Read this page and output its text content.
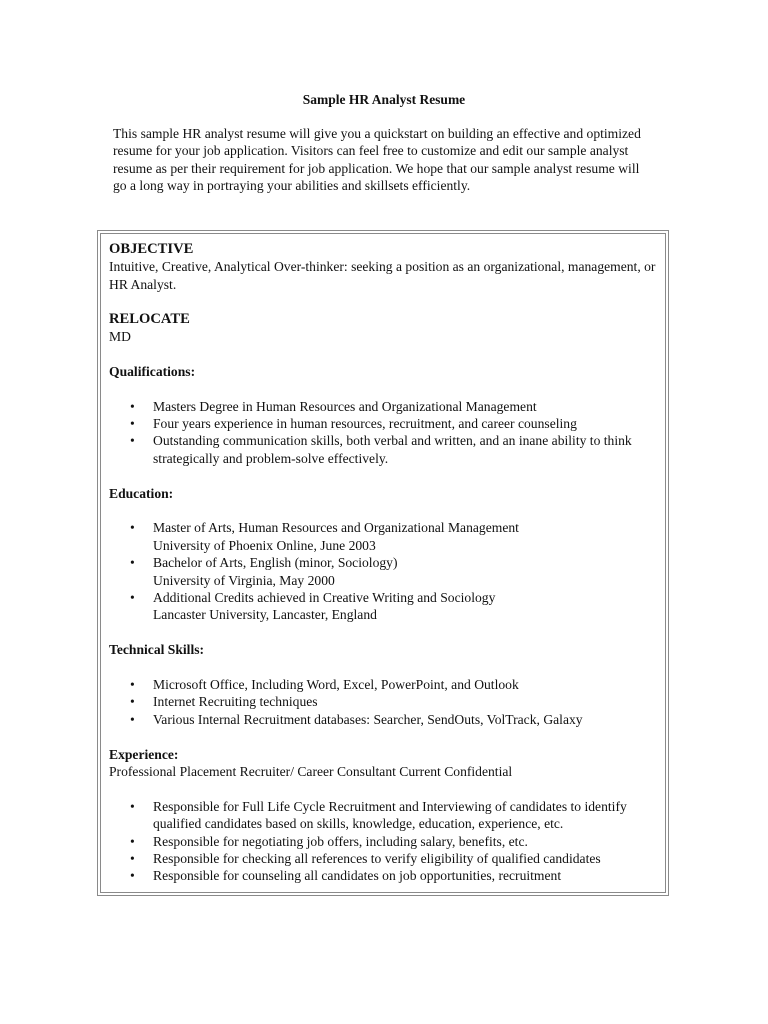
Sample HR Analyst Resume
This sample HR analyst resume will give you a quickstart on building an effective and optimized resume for your job application. Visitors can feel free to customize and edit our sample analyst resume as per their requirement for job application. We hope that our sample analyst resume will go a long way in portraying your abilities and skillsets efficiently.
OBJECTIVE
Intuitive, Creative, Analytical Over-thinker: seeking a position as an organizational, management, or HR Analyst.
RELOCATE
MD
Qualifications:
• Masters Degree in Human Resources and Organizational Management
• Four years experience in human resources, recruitment, and career counseling
• Outstanding communication skills, both verbal and written, and an inane ability to think strategically and problem-solve effectively.
Education:
• Master of Arts, Human Resources and Organizational Management
University of Phoenix Online, June 2003
• Bachelor of Arts, English (minor, Sociology)
University of Virginia, May 2000
• Additional Credits achieved in Creative Writing and Sociology
Lancaster University, Lancaster, England
Technical Skills:
• Microsoft Office, Including Word, Excel, PowerPoint, and Outlook
• Internet Recruiting techniques
• Various Internal Recruitment databases: Searcher, SendOuts, VolTrack, Galaxy
Experience:
Professional Placement Recruiter/ Career Consultant Current Confidential
• Responsible for Full Life Cycle Recruitment and Interviewing of candidates to identify qualified candidates based on skills, knowledge, education, experience, etc.
• Responsible for negotiating job offers, including salary, benefits, etc.
• Responsible for checking all references to verify eligibility of qualified candidates
• Responsible for counseling all candidates on job opportunities, recruitment
